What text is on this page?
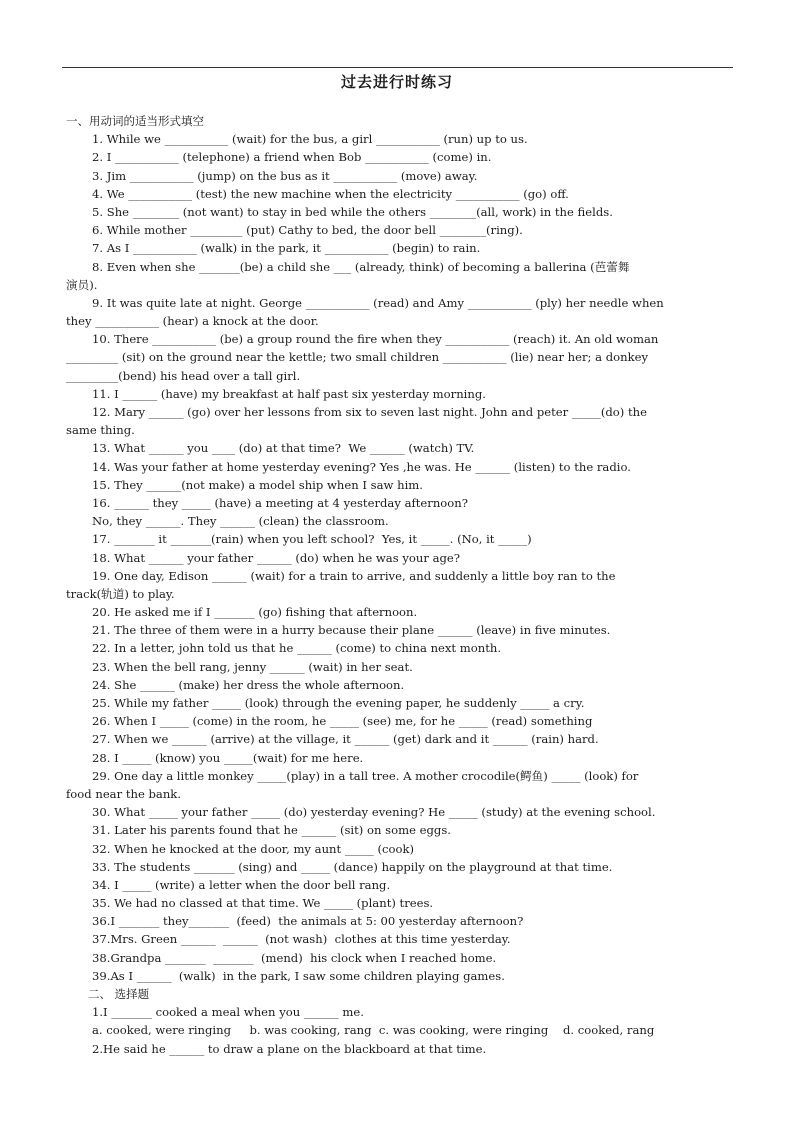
过去进行时练习
一、用动词的适当形式填空
1. While we ___________ (wait) for the bus, a girl ___________ (run) up to us.
2. I ___________ (telephone) a friend when Bob ___________ (come) in.
3. Jim ___________ (jump) on the bus as it ___________ (move) away.
4. We ___________ (test) the new machine when the electricity ___________ (go) off.
5. She ________ (not want) to stay in bed while the others ________(all, work) in the fields.
6. While mother _________ (put) Cathy to bed, the door bell ________(ring).
7. As I ___________ (walk) in the park, it ___________ (begin) to rain.
8. Even when she _______(be) a child she ___ (already, think) of becoming a ballerina (芭蕾舞
演员).
9. It was quite late at night. George ___________ (read) and Amy ___________ (ply) her needle when
they ___________ (hear) a knock at the door.
10. There ___________ (be) a group round the fire when they ___________ (reach) it. An old woman
_________ (sit) on the ground near the kettle; two small children ___________ (lie) near her; a donkey
_________(bend) his head over a tall girl.
11. I ______ (have) my breakfast at half past six yesterday morning.
12. Mary ______ (go) over her lessons from six to seven last night. John and peter _____(do) the
same thing.
13. What ______ you ____ (do) at that time?  We ______ (watch) TV.
14. Was your father at home yesterday evening? Yes ,he was. He ______ (listen) to the radio.
15. They ______(not make) a model ship when I saw him.
16. ______ they _____ (have) a meeting at 4 yesterday afternoon?
No, they ______. They ______ (clean) the classroom.
17. _______ it _______(rain) when you left school?  Yes, it _____. (No, it _____)
18. What ______ your father ______ (do) when he was your age?
19. One day, Edison ______ (wait) for a train to arrive, and suddenly a little boy ran to the
track(轨道) to play.
20. He asked me if I _______ (go) fishing that afternoon.
21. The three of them were in a hurry because their plane ______ (leave) in five minutes.
22. In a letter, john told us that he ______ (come) to china next month.
23. When the bell rang, jenny ______ (wait) in her seat.
24. She ______ (make) her dress the whole afternoon.
25. While my father _____ (look) through the evening paper, he suddenly _____ a cry.
26. When I _____ (come) in the room, he _____ (see) me, for he _____ (read) something
27. When we ______ (arrive) at the village, it ______ (get) dark and it ______ (rain) hard.
28. I _____ (know) you _____(wait) for me here.
29. One day a little monkey _____(play) in a tall tree. A mother crocodile(鳄鱼) _____ (look) for
food near the bank.
30. What _____ your father _____ (do) yesterday evening? He _____ (study) at the evening school.
31. Later his parents found that he ______ (sit) on some eggs.
32. When he knocked at the door, my aunt _____ (cook)
33. The students _______ (sing) and _____ (dance) happily on the playground at that time.
34. I _____ (write) a letter when the door bell rang.
35. We had no classed at that time. We _____ (plant) trees.
36.I _______ they_______  (feed)  the animals at 5: 00 yesterday afternoon?
37.Mrs. Green ______  ______  (not wash)  clothes at this time yesterday.
38.Grandpa _______  _______  (mend)  his clock when I reached home.
39.As I ______  (walk)  in the park, I saw some children playing games.
二、 选择题
1.I _______ cooked a meal when you ______ me.
a. cooked, were ringing     b. was cooking, rang  c. was cooking, were ringing    d. cooked, rang
2.He said he ______ to draw a plane on the blackboard at that time.
